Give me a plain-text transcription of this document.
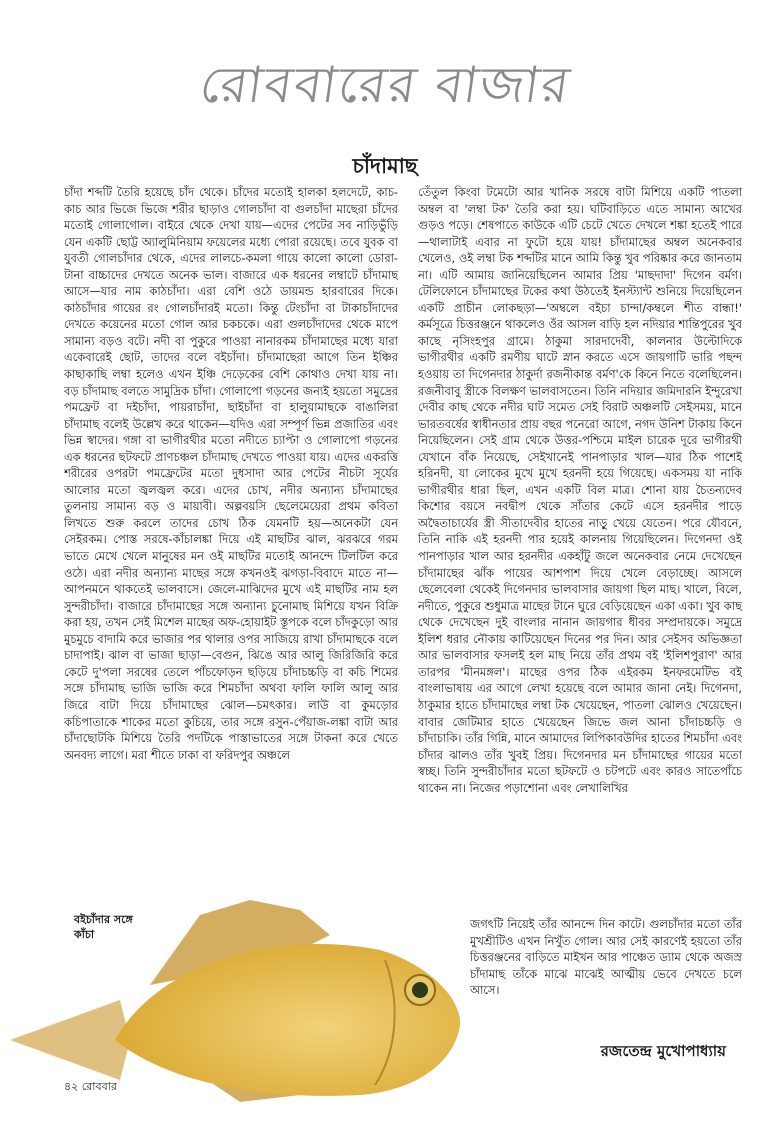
রোববারের বাজার
চাঁদামাছ

চাঁদা শব্দটি তৈরি হয়েছে চাঁদ থেকে। চাঁদের মতোই হালকা হলদেটে, কাচ-কাচ আর ভিজে ভিজে শরীর ছাড়াও গোলচাঁদা বা গুলচাঁদা মাছেরা চাঁদের মতোই গোলাগোল। বাইরে থেকে দেখা যায়—এদের পেটের সব নাড়িভুঁড়ি যেন একটি ছোট্ট অ্যালুমিনিয়াম ফয়েলের মধ্যে পোরা রয়েছে। তবে যুবক বা যুবতী গোলচাঁদার থেকে, এদের লালচে-কমলা গায়ে কালো কালো ডোরা-টানা বাচ্চাদের দেখতে অনেক ভাল। বাজারে এক ধরনের লম্বাটে চাঁদামাছ আসে—যার নাম কাঠচাঁদা। এরা বেশি ওঠে ডায়মন্ড হারবারের দিকে। কাঠচাঁদার গায়ের রং গোলচাঁদারই মতো। কিন্তু টেংচাঁদা বা টাকাচাঁদাদের দেখতে কয়েনের মতো গোল আর চকচকে। এরা গুলচাঁদাদের থেকে মাপে সামান্য বড়ও বটে। নদী বা পুকুরে পাওয়া নানারকম চাঁদামাছের মধ্যে যারা একেবারেই ছোট, তাদের বলে বইচাঁদা। চাঁদামাছেরা আগে তিন ইঞ্চির কাছাকাছি লম্বা হলেও এখন ইঞ্চি দেড়েকের বেশি কোথাও দেখা যায় না। বড় চাঁদামাছ বলতে সামুদ্রিক চাঁদা। গোলাপো গড়নের জন্যই হয়তো সমুদ্রের পমফ্রেট বা দইচাঁদা, পায়রাচাঁদা, ছাইচাঁদা বা হালুয়ামাছকে বাঙালিরা চাঁদামাছ বলেই উল্লেখ করে থাকেন—যদিও এরা সম্পূর্ণ ভিন্ন প্রজাতির এবং ভিন্ন স্বাদের। গঙ্গা বা ভাগীরথীর মতো নদীতে চ্যাপ্টা ও গোলাপো গড়নের এক ধরনের ছটফটে প্রাণচঞ্চল চাঁদামাছ দেখতে পাওয়া যায়। এদের একরত্তি শরীরের ওপরটা পমফ্রেটের মতো দুধসাদা আর পেটের নীচটা সূর্যের আলোর মতো জ্বলজ্বল করে। এদের চোখ, নদীর অন্যান্য চাঁদামাছের তুলনায় সামান্য বড় ও মায়াবী। অল্পবয়সি ছেলেমেয়েরা প্রথম কবিতা লিখতে শুরু করলে তাদের চোখ ঠিক যেমনটি হয়—অনেকটা যেন সেইরকম। পোস্ত সরষে-কাঁচালঙ্কা দিয়ে এই মাছটির ঝাল, ঝরঝরে গরম ভাতে মেখে খেলে মানুষের মন ওই মাছটির মতোই আনন্দে টিলটিল করে ওঠে। এরা নদীর অন্যান্য মাছের সঙ্গে কখনওই ঝগড়া-বিবাদে মাতে না—আপনমনে থাকতেই ভালবাসে। জেলে-মাঝিদের মুখে এই মাছটির নাম হল সুন্দরীচাঁদা। বাজারে চাঁদামাছের সঙ্গে অন্যান্য চুনোমাছ মিশিয়ে যখন বিক্রি করা হয়, তখন সেই মিশেল মাছের অফ-হোয়াইট স্তূপকে বলে চাঁদকুড়ো আর মুচমুচে বাদামি করে ভাজার পর থালার ওপর সাজিয়ে রাখা চাঁদামাছকে বলে চাদাপাই। ঝাল বা ভাজা ছাড়া—বেগুন, ঝিঙে আর আলু জিরিজিরি করে কেটে দু'পলা সরষের তেলে পাঁচফোড়ন ছড়িয়ে চাঁদাচচ্চড়ি বা কচি শিমের সঙ্গে চাঁদামাছ ভাজি ভাজি করে শিমচাঁদা অথবা ফালি ফালি আলু আর জিরে বাটা দিয়ে চাঁদামাছের ঝোল—চমৎকার। লাউ বা কুমড়োর কচিপাতাকে শাকের মতো কুচিয়ে, তার সঙ্গে রসুন-পেঁয়াজ-লঙ্কা বাটা আর চাঁদাছোটকি মিশিয়ে তৈরি পদটিকে পাস্তাভাতের সঙ্গে টাকনা করে খেতে অনবদ্য লাগে। মরা শীতে ঢাকা বা ফরিদপুর অঞ্চলে

তেঁতুল কিংবা টমেটো আর খানিক সরষে বাটা মিশিয়ে একটি পাতলা অম্বল বা 'লম্বা টক' তৈরি করা হয়। ঘটিবাড়িতে এতে সামান্য আখের গুড়ও পড়ে। শেষপাতে কাউকে এটি চেটে খেতে দেখলে শঙ্কা হতেই পারে—থালাটাই এবার না ফুটো হয়ে যায়! চাঁদামাছের অম্বল অনেকবার খেলেও, ওই লম্বা টক শব্দটির মানে আমি কিন্তু খুব পরিষ্কার করে জানতাম না। এটি আমায় জানিয়েছিলেন আমার প্রিয় 'মাছদাদা' দিগেন বর্মণ। টেলিফোনে চাঁদামাছের টকের কথা উঠতেই ইনস্ট্যান্ট শুনিয়ে দিয়েছিলেন একটি প্রাচীন লোকছড়া—'অম্বলে বইচা চান্দা/কম্বলে শীত বান্ধা!' কর্মসূত্রে চিত্তরঞ্জনে থাকলেও ওঁর আসল বাড়ি হল নদিয়ার শান্তিপুরের খুব কাছে নৃসিংহপুর গ্রামে। ঠাকুমা সারদাদেবী, কালনার উল্টোদিকে ভাগীরথীর একটি রমণীয় ঘাটে স্নান করতে এসে জায়গাটি ভারি পছন্দ হওয়ায় তা দিগেনদার ঠাকুর্দা রজনীকান্ত বর্মণ'কে কিনে নিতে বলেছিলেন। রজনীবাবু স্ত্রীকে বিলক্ষণ ভালবাসতেন। তিনি নদিয়ার জমিদারনি ইন্দুরেখা দেবীর কাছ থেকে নদীর ঘাট সমেত সেই বিরাট অঞ্চলটি সেইসময়, মানে ভারতবর্ষের স্বাধীনতার প্রায় বছর পনেরো আগে, নগদ উনিশ টাকায় কিনে নিয়েছিলেন। সেই গ্রাম থেকে উত্তর-পশ্চিমে মাইল চারেক দূরে ভাগীরথী যেখানে বাঁক নিয়েছে, সেইখানেই পানপাড়ার খাল—যার ঠিক পাশেই হরিনদী, যা লোকের মুখে মুখে হরনদী হয়ে গিয়েছে। একসময় যা নাকি ভাগীরথীর ধারা ছিল, এখন একটি বিল মাত্র। শোনা যায় চৈতন্যদেব কিশোর বয়সে নবদ্বীপ থেকে সাঁতার কেটে এসে হরনদীর পাড়ে অদ্বৈতাচার্যের স্ত্রী সীতাদেবীর হাতের নাড়ু খেয়ে যেতেন। পরে যৌবনে, তিনি নাকি এই হরনদী পার হয়েই কালনায় গিয়েছিলেন। দিগেনদা ওই পানপাড়ার খাল আর হরনদীর একহাঁটু জলে অনেকবার নেমে দেখেছেন চাঁদামাছের ঝাঁক পায়ের আশপাশ দিয়ে খেলে বেড়াচ্ছে। আসলে ছেলেবেলা থেকেই দিগেনদার ভালবাসার জায়গা ছিল মাছ। খালে, বিলে, নদীতে, পুকুরে শুধুমাত্র মাছের টানে ঘুরে বেড়িয়েছেন একা একা। খুব কাছ থেকে দেখেছেন দুই বাংলার নানান জায়গার ধীবর সম্প্রদায়কে। সমুদ্রে ইলিশ ধরার নৌকায় কাটিয়েছেন দিনের পর দিন। আর সেইসব অভিজ্ঞতা আর ভালবাসার ফসলই হল মাছ নিয়ে তাঁর প্রথম বই 'ইলিশপুরাণ' আর তারপর 'মীনমঙ্গল'। মাছের ওপর ঠিক এইরকম ইনফরমেটিভ বই বাংলাভাষায় এর আগে লেখা হয়েছে বলে আমার জানা নেই। দিগেনদা, ঠাকুমার হাতে চাঁদামাছের লম্বা টক খেয়েছেন, পাতলা ঝোলও খেয়েছেন। বাবার জেটিমার হাতে খেয়েছেন জিভে জল আনা চাঁদাচচ্চড়ি ও চাঁদাচাকি। তাঁর গিন্নি, মানে আমাদের লিপিকাবউদির হাতের শিমচাঁদা এবং চাঁদার ঝালও তাঁর খুবই প্রিয়। দিগেনদার মন চাঁদামাছের গায়ের মতো স্বচ্ছ। তিনি সুন্দরীচাঁদার মতো ছটফটে ও চটপটে এবং কারও সাতেপাঁচে থাকেন না। নিজের পড়াশোনা এবং লেখালিখির

জগৎটি নিয়েই তাঁর আনন্দে দিন কাটে। গুলচাঁদার মতো তাঁর মুখশ্রীটিও এখন নিখুঁত গোল। আর সেই কারণেই হয়তো তাঁর চিত্তরঞ্জনের বাড়িতে মাইখন আর পাঞ্চেত ড্যাম থেকে অজস্র চাঁদামাছ তাঁকে মাঝে মাঝেই আত্মীয় ভেবে দেখতে চলে আসে।

বইচাঁদার সঙ্গে
কাঁচা
রজতেন্দ্র মুখোপাধ্যায়
৪২ রোববার
